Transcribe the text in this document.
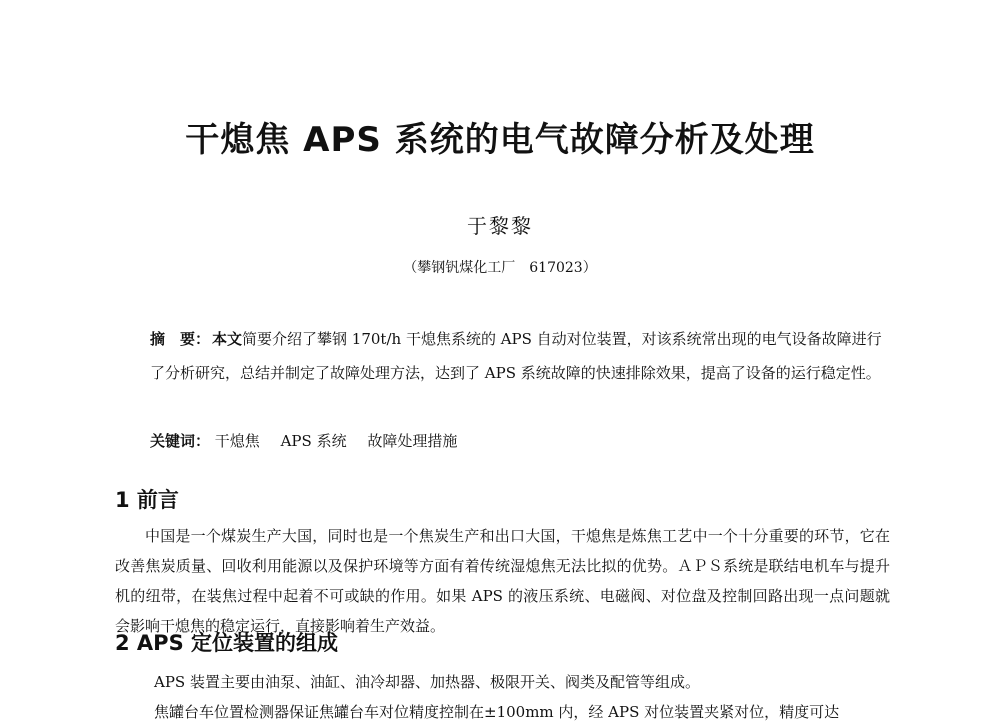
干熄焦 APS 系统的电气故障分析及处理
于黎黎
（攀钢钒煤化工厂　617023）
摘　要： 本文简要介绍了攀钢 170t/h 干熄焦系统的 APS 自动对位装置，对该系统常出现的电气设备故障进行了分析研究，总结并制定了故障处理方法，达到了 APS 系统故障的快速排除效果，提高了设备的运行稳定性。
关键词： 干熄焦 APS 系统 故障处理措施
1 前言
中国是一个煤炭生产大国，同时也是一个焦炭生产和出口大国，干熄焦是炼焦工艺中一个十分重要的环节，它在改善焦炭质量、回收利用能源以及保护环境等方面有着传统湿熄焦无法比拟的优势。ＡＰＳ系统是联结电机车与提升机的纽带，在装焦过程中起着不可或缺的作用。如果 APS 的液压系统、电磁阀、对位盘及控制回路出现一点问题就会影响干熄焦的稳定运行，直接影响着生产效益。
2 APS 定位装置的组成
APS 装置主要由油泵、油缸、油冷却器、加热器、极限开关、阀类及配管等组成。
焦罐台车位置检测器保证焦罐台车对位精度控制在±100mm 内，经 APS 对位装置夹紧对位，精度可达
